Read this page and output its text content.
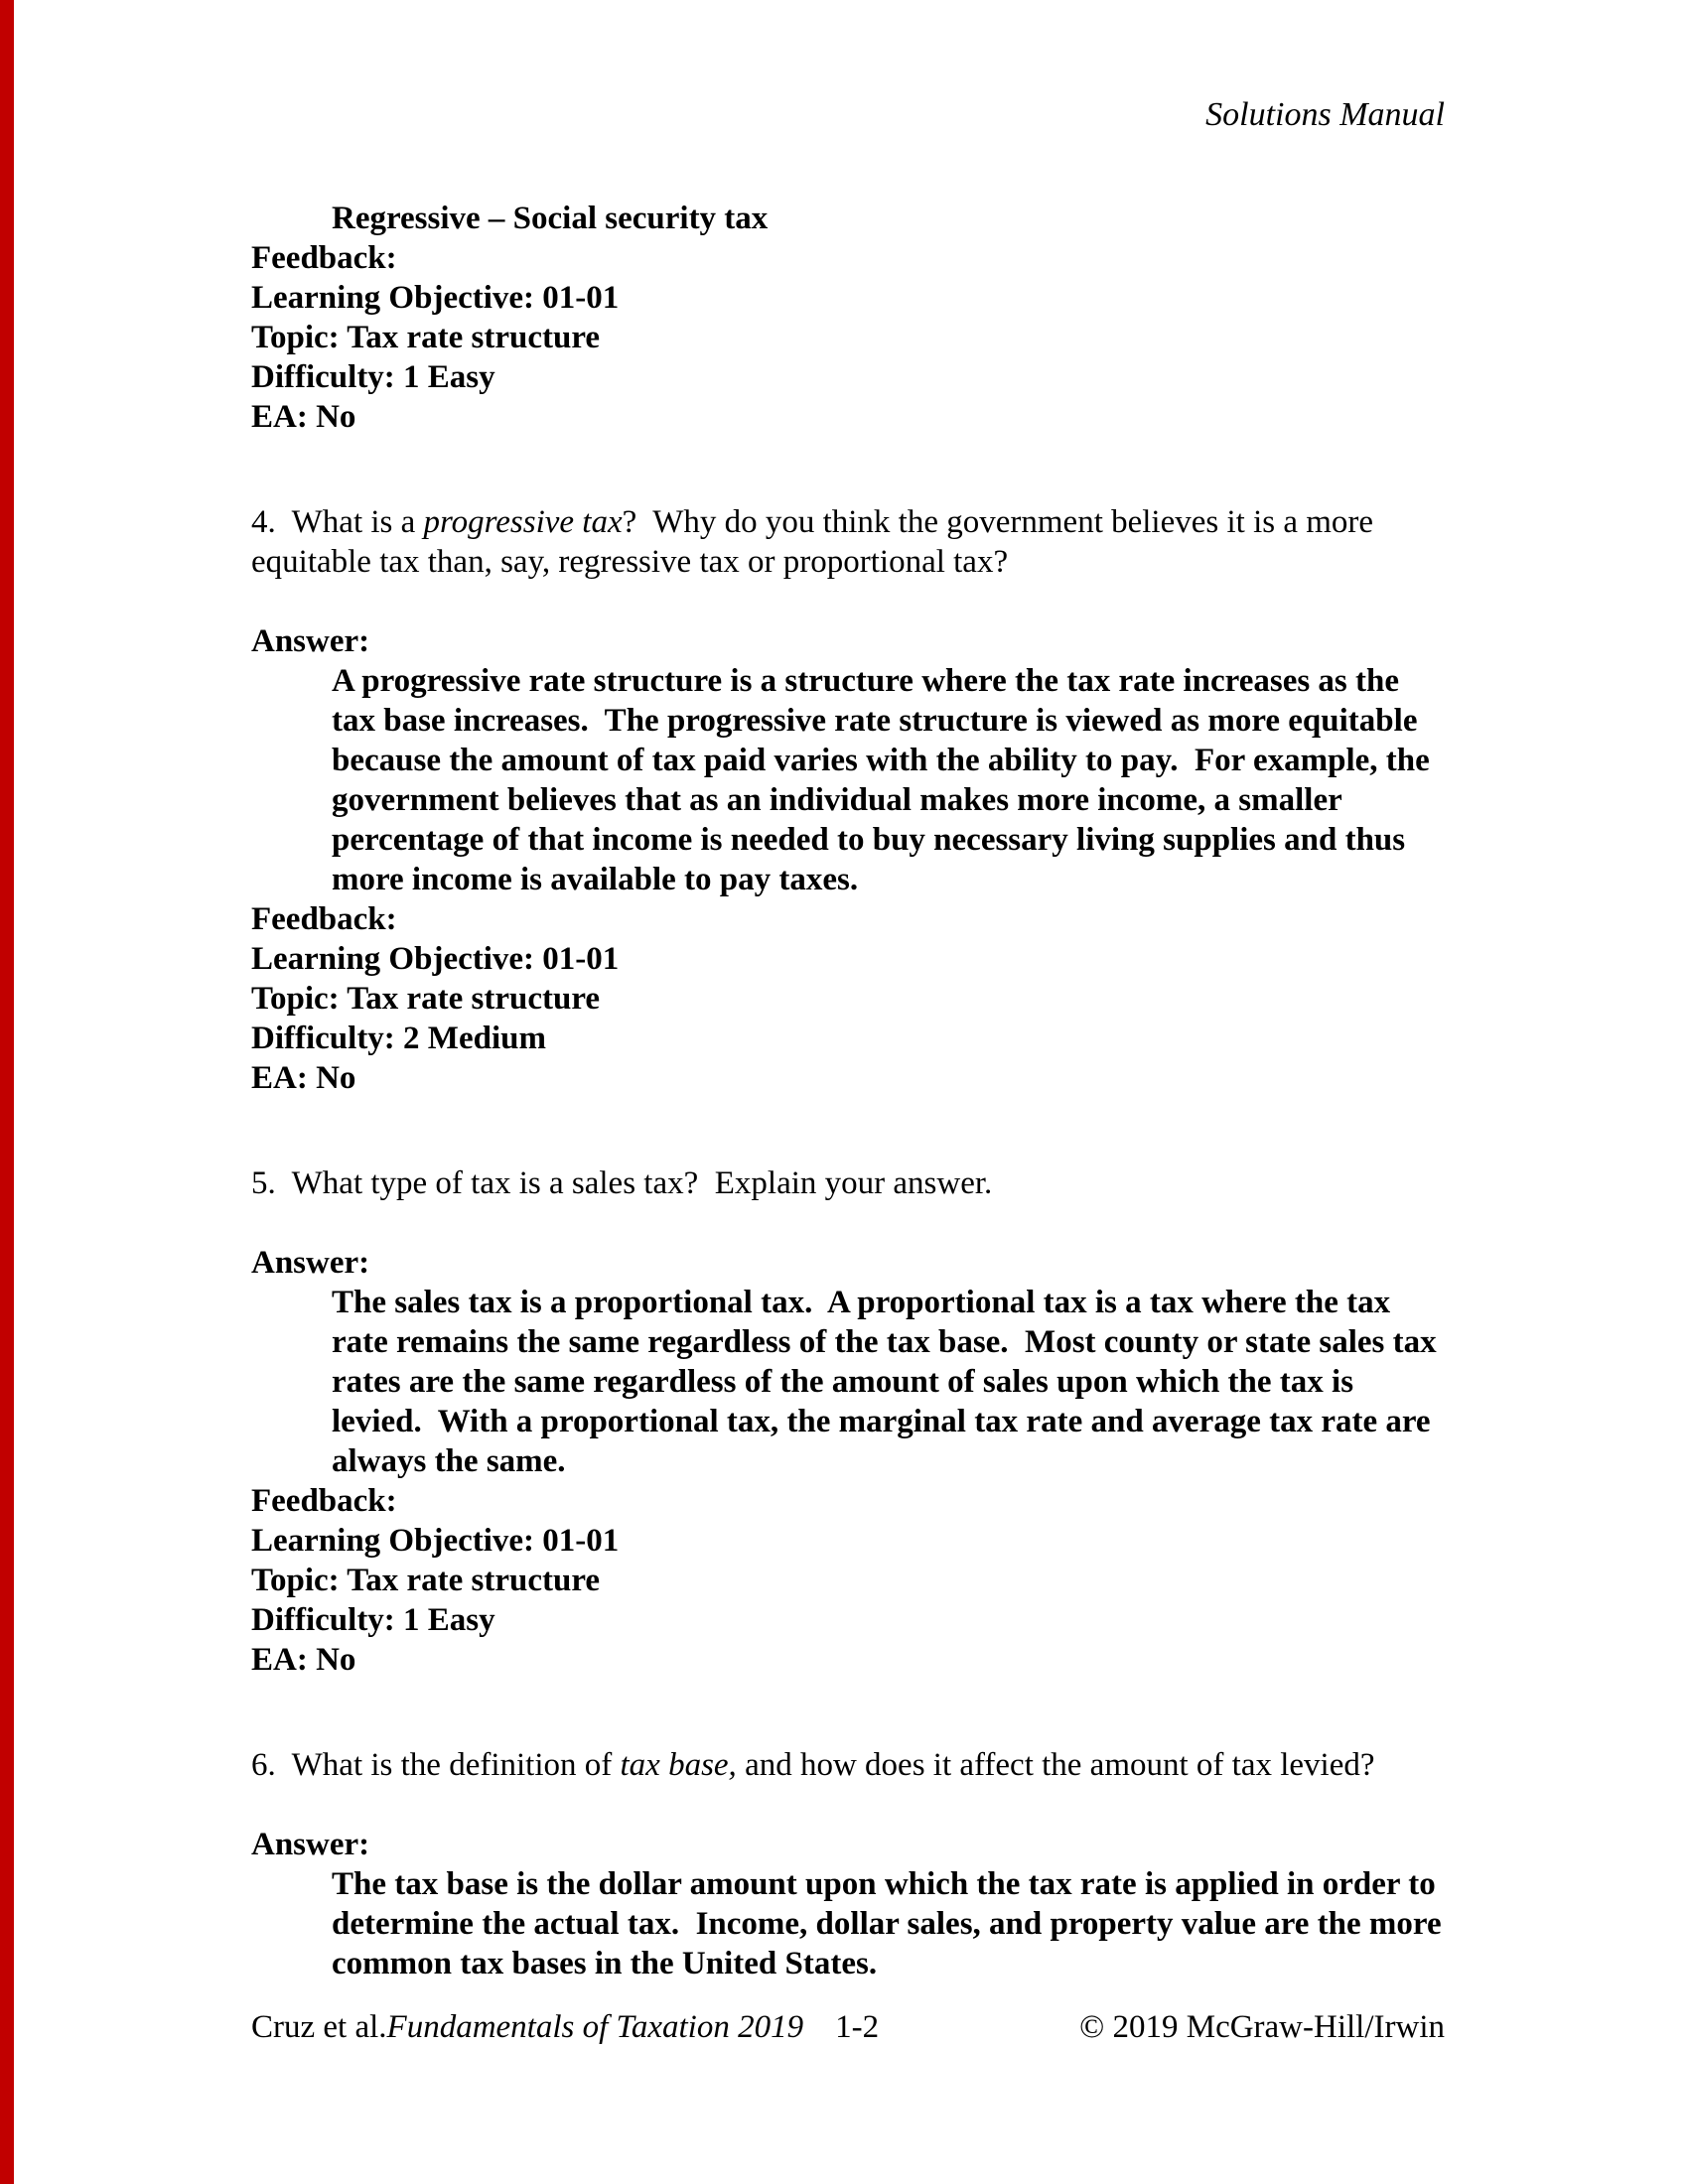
Solutions Manual

Regressive – Social security tax

Feedback:

Learning Objective: 01-01

Topic: Tax rate structure

Difficulty: 1 Easy

EA: No

4.  What is a progressive tax?  Why do you think the government believes it is a more equitable tax than, say, regressive tax or proportional tax?

Answer:

A progressive rate structure is a structure where the tax rate increases as the tax base increases.  The progressive rate structure is viewed as more equitable because the amount of tax paid varies with the ability to pay.  For example, the government believes that as an individual makes more income, a smaller percentage of that income is needed to buy necessary living supplies and thus more income is available to pay taxes.

Feedback:

Learning Objective: 01-01

Topic: Tax rate structure

Difficulty: 2 Medium

EA: No

5.  What type of tax is a sales tax?  Explain your answer.

Answer:

The sales tax is a proportional tax.  A proportional tax is a tax where the tax rate remains the same regardless of the tax base.  Most county or state sales tax rates are the same regardless of the amount of sales upon which the tax is levied.  With a proportional tax, the marginal tax rate and average tax rate are always the same.

Feedback:

Learning Objective: 01-01

Topic: Tax rate structure

Difficulty: 1 Easy

EA: No

6.  What is the definition of tax base, and how does it affect the amount of tax levied?

Answer:

The tax base is the dollar amount upon which the tax rate is applied in order to determine the actual tax.  Income, dollar sales, and property value are the more common tax bases in the United States.

Cruz et al. Fundamentals of Taxation 2019 1-2	© 2019 McGraw-Hill/Irwin
